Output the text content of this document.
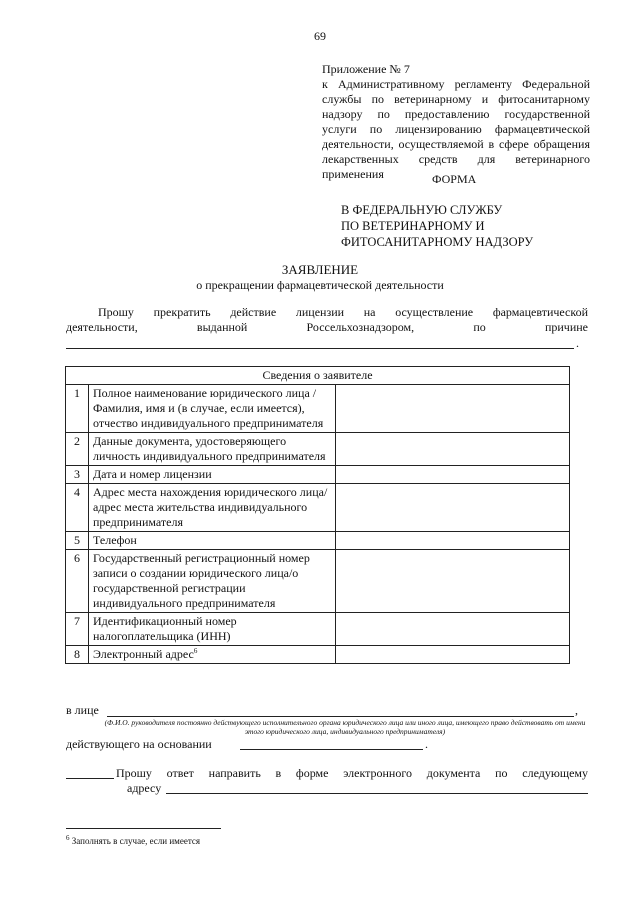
69
Приложение № 7
к Административному регламенту Федеральной службы по ветеринарному и фитосанитарному надзору по предоставлению государственной услуги по лицензированию фармацевтической деятельности, осуществляемой в сфере обращения лекарственных средств для ветеринарного применения	ФОРМА
В ФЕДЕРАЛЬНУЮ СЛУЖБУ
ПО ВЕТЕРИНАРНОМУ И
ФИТОСАНИТАРНОМУ НАДЗОРУ
ЗАЯВЛЕНИЕ
о прекращении фармацевтической деятельности
Прошу прекратить действие лицензии на осуществление фармацевтической
деятельности, выданной Россельхознадзором, по причине
.
Сведения о заявителе		
1	Полное наименование юридического лица / Фамилия, имя и (в случае, если имеется), отчество индивидуального предпринимателя	
2	Данные документа, удостоверяющего личность индивидуального предпринимателя	
3	Дата и номер лицензии	
4	Адрес места нахождения юридического лица/адрес места жительства индивидуального предпринимателя	
5	Телефон	
6	Государственный регистрационный номер записи о создании юридического лица/о государственной регистрации индивидуального предпринимателя	
7	Идентификационный номер налогоплательщика (ИНН)	
8	Электронный адрес$^6$	
в лице	,
(Ф.И.О. руководителя постоянно действующего исполнительного органа юридического лица или иного лица, имеющего право действовать от имени этого юридического лица, индивидуального предпринимателя)
действующего на основании	.
Прошу ответ направить в форме электронного документа по следующему
адресу
$^6$ Заполнять в случае, если имеется
